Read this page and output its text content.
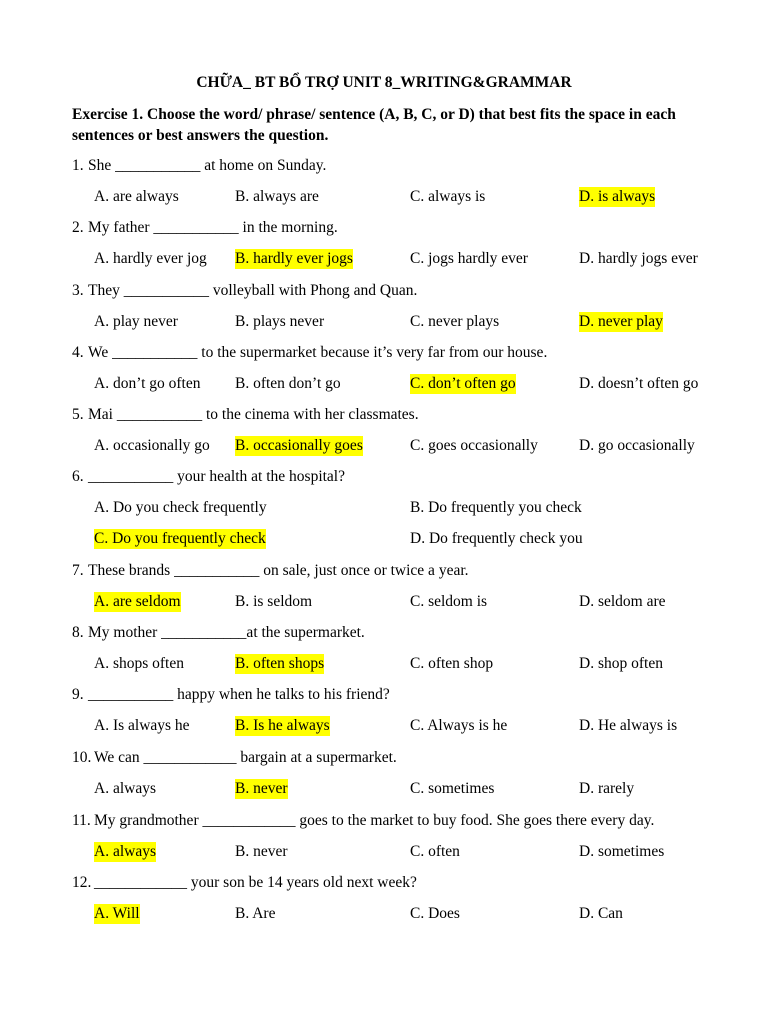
CHỮA_ BT BỔ TRỢ UNIT 8_WRITING&GRAMMAR
Exercise 1. Choose the word/ phrase/ sentence (A, B, C, or D) that best fits the space in each sentences or best answers the question.
1. She ___________ at home on Sunday.
A. are always	B. always are	C. always is	D. is always
2. My father ___________ in the morning.
A. hardly ever jog B. hardly ever jogs	C. jogs hardly ever	D. hardly jogs ever
3. They ___________ volleyball with Phong and Quan.
A. play never	B. plays never	C. never plays	D. never play
4. We ___________ to the supermarket because it’s very far from our house.
A. don’t go often B. often don’t go	C. don’t often go	D. doesn’t often go
5. Mai ___________ to the cinema with her classmates.
A. occasionally go B. occasionally goes	C. goes occasionally	D. go occasionally
6. ___________ your health at the hospital?
A. Do you check frequently	B. Do frequently you check
C. Do you frequently check	D. Do frequently check you
7. These brands ___________ on sale, just once or twice a year.
A. are seldom	B. is seldom	C. seldom is	D. seldom are
8. My mother ___________at the supermarket.
A. shops often	B. often shops	C. often shop	D. shop often
9. ___________ happy when he talks to his friend?
A. Is always he	B. Is he always	C. Always is he	D. He always is
10. We can ____________ bargain at a supermarket.
A. always	B. never	C. sometimes	D. rarely
11. My grandmother ____________ goes to the market to buy food. She goes there every day.
A. always	B. never	C. often	D. sometimes
12. ____________ your son be 14 years old next week?
A. Will	B. Are	C. Does	D. Can
